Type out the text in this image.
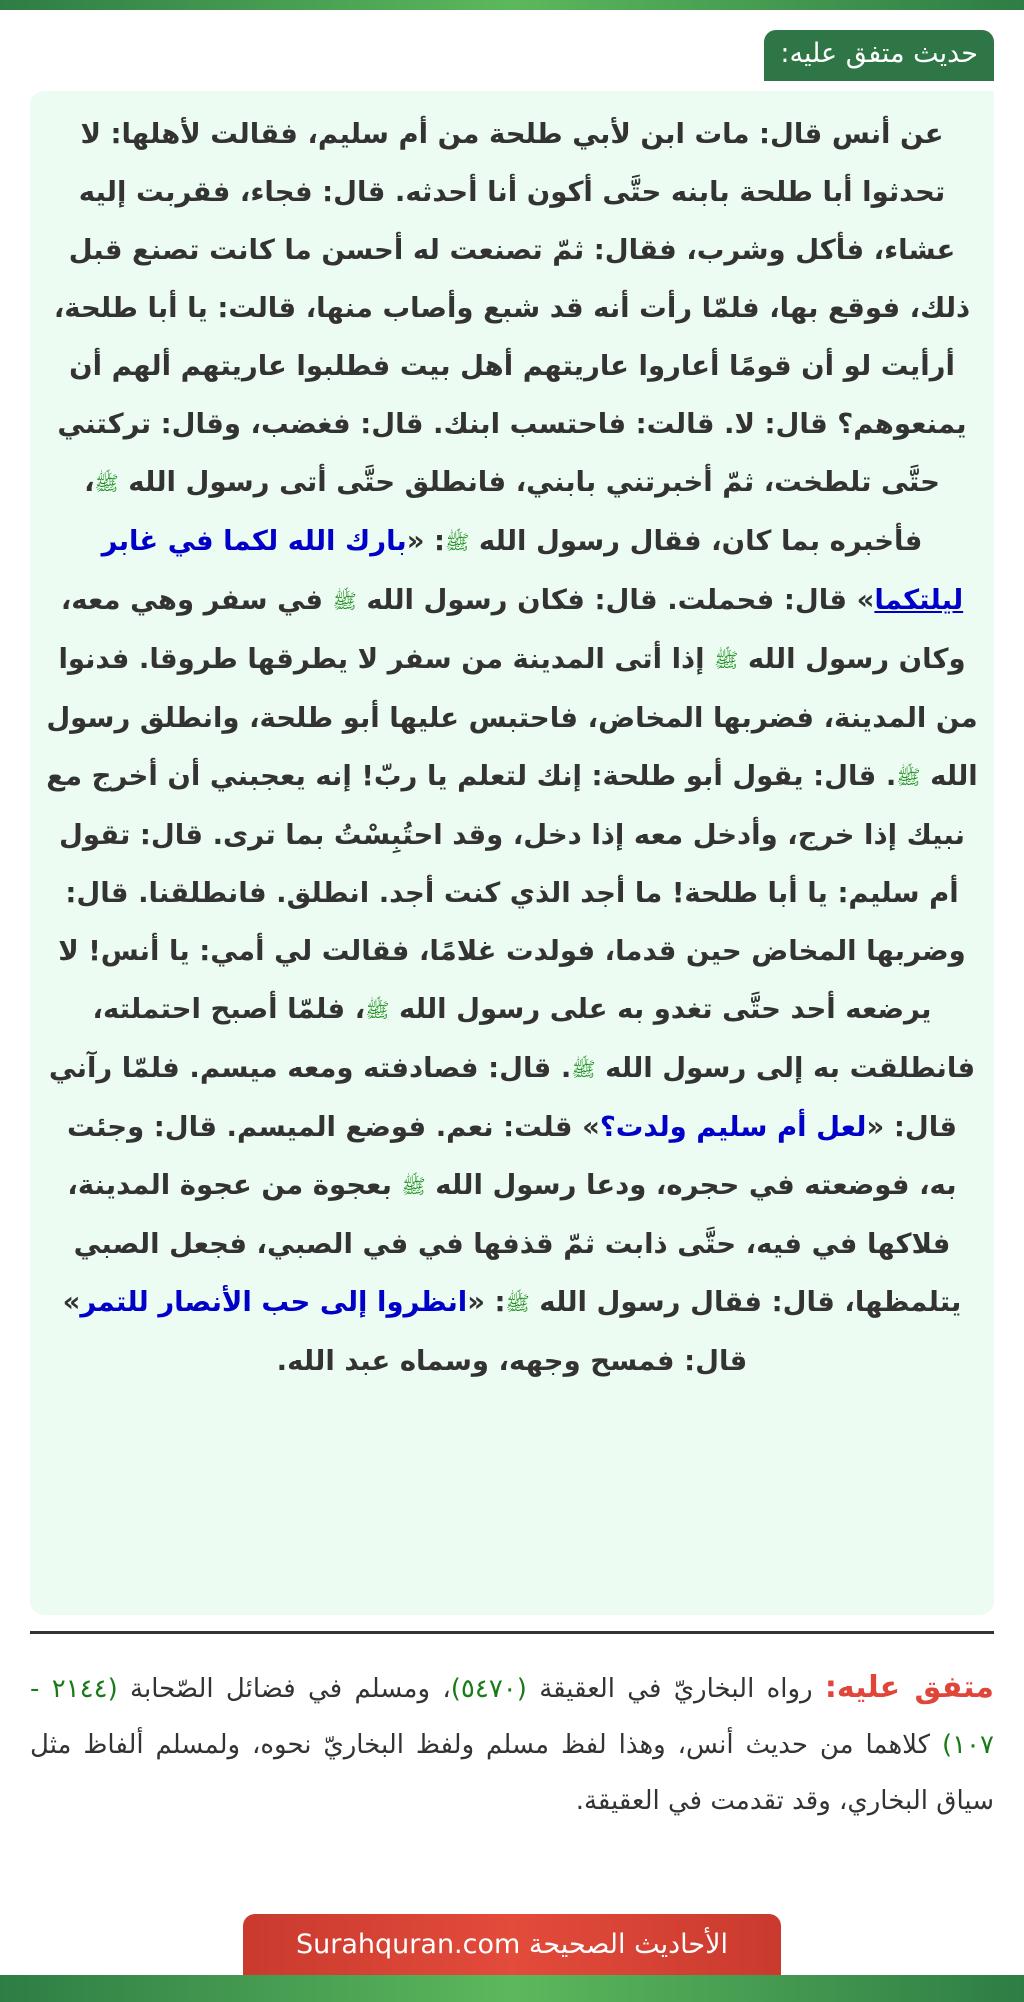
حديث متفق عليه:

عن أنس قال: مات ابن لأبي طلحة من أم سليم، فقالت لأهلها: لا تحدثوا أبا طلحة بابنه حتَّى أكون أنا أحدثه. قال: فجاء، فقربت إليه عشاء، فأكل وشرب، فقال: ثمّ تصنعت له أحسن ما كانت تصنع قبل ذلك، فوقع بها، فلمّا رأت أنه قد شبع وأصاب منها، قالت: يا أبا طلحة، أرأيت لو أن قومًا أعاروا عاريتهم أهل بيت فطلبوا عاريتهم ألهم أن يمنعوهم؟ قال: لا. قالت: فاحتسب ابنك. قال: فغضب، وقال: تركتني حتَّى تلطخت، ثمّ أخبرتني بابني، فانطلق حتَّى أتى رسول الله ﷺ، فأخبره بما كان، فقال رسول الله ﷺ: «بارك الله لكما في غابر ليلتكما» قال: فحملت. قال: فكان رسول الله ﷺ في سفر وهي معه، وكان رسول الله ﷺ إذا أتى المدينة من سفر لا يطرقها طروقا. فدنوا من المدينة، فضربها المخاض، فاحتبس عليها أبو طلحة، وانطلق رسول الله ﷺ. قال: يقول أبو طلحة: إنك لتعلم يا ربّ! إنه يعجبني أن أخرج مع نبيك إذا خرج، وأدخل معه إذا دخل، وقد احتُبِسْتُ بما ترى. قال: تقول أم سليم: يا أبا طلحة! ما أجد الذي كنت أجد. انطلق. فانطلقنا. قال: وضربها المخاض حين قدما، فولدت غلامًا، فقالت لي أمي: يا أنس! لا يرضعه أحد حتَّى تغدو به على رسول الله ﷺ، فلمّا أصبح احتملته، فانطلقت به إلى رسول الله ﷺ. قال: فصادفته ومعه ميسم. فلمّا رآني قال: «لعل أم سليم ولدت؟» قلت: نعم. فوضع الميسم. قال: وجئت به، فوضعته في حجره، ودعا رسول الله ﷺ بعجوة من عجوة المدينة، فلاكها في فيه، حتَّى ذابت ثمّ قذفها في في الصبي، فجعل الصبي يتلمظها، قال: فقال رسول الله ﷺ: «انظروا إلى حب الأنصار للتمر» قال: فمسح وجهه، وسماه عبد الله.

متفق عليه: رواه البخاريّ في العقيقة (٥٤٧٠)، ومسلم في فضائل الصّحابة (٢١٤٤ - ١٠٧) كلاهما من حديث أنس، وهذا لفظ مسلم ولفظ البخاريّ نحوه، ولمسلم ألفاظ مثل سياق البخاري، وقد تقدمت في العقيقة.
الأحاديث الصحيحة Surahquran.com
